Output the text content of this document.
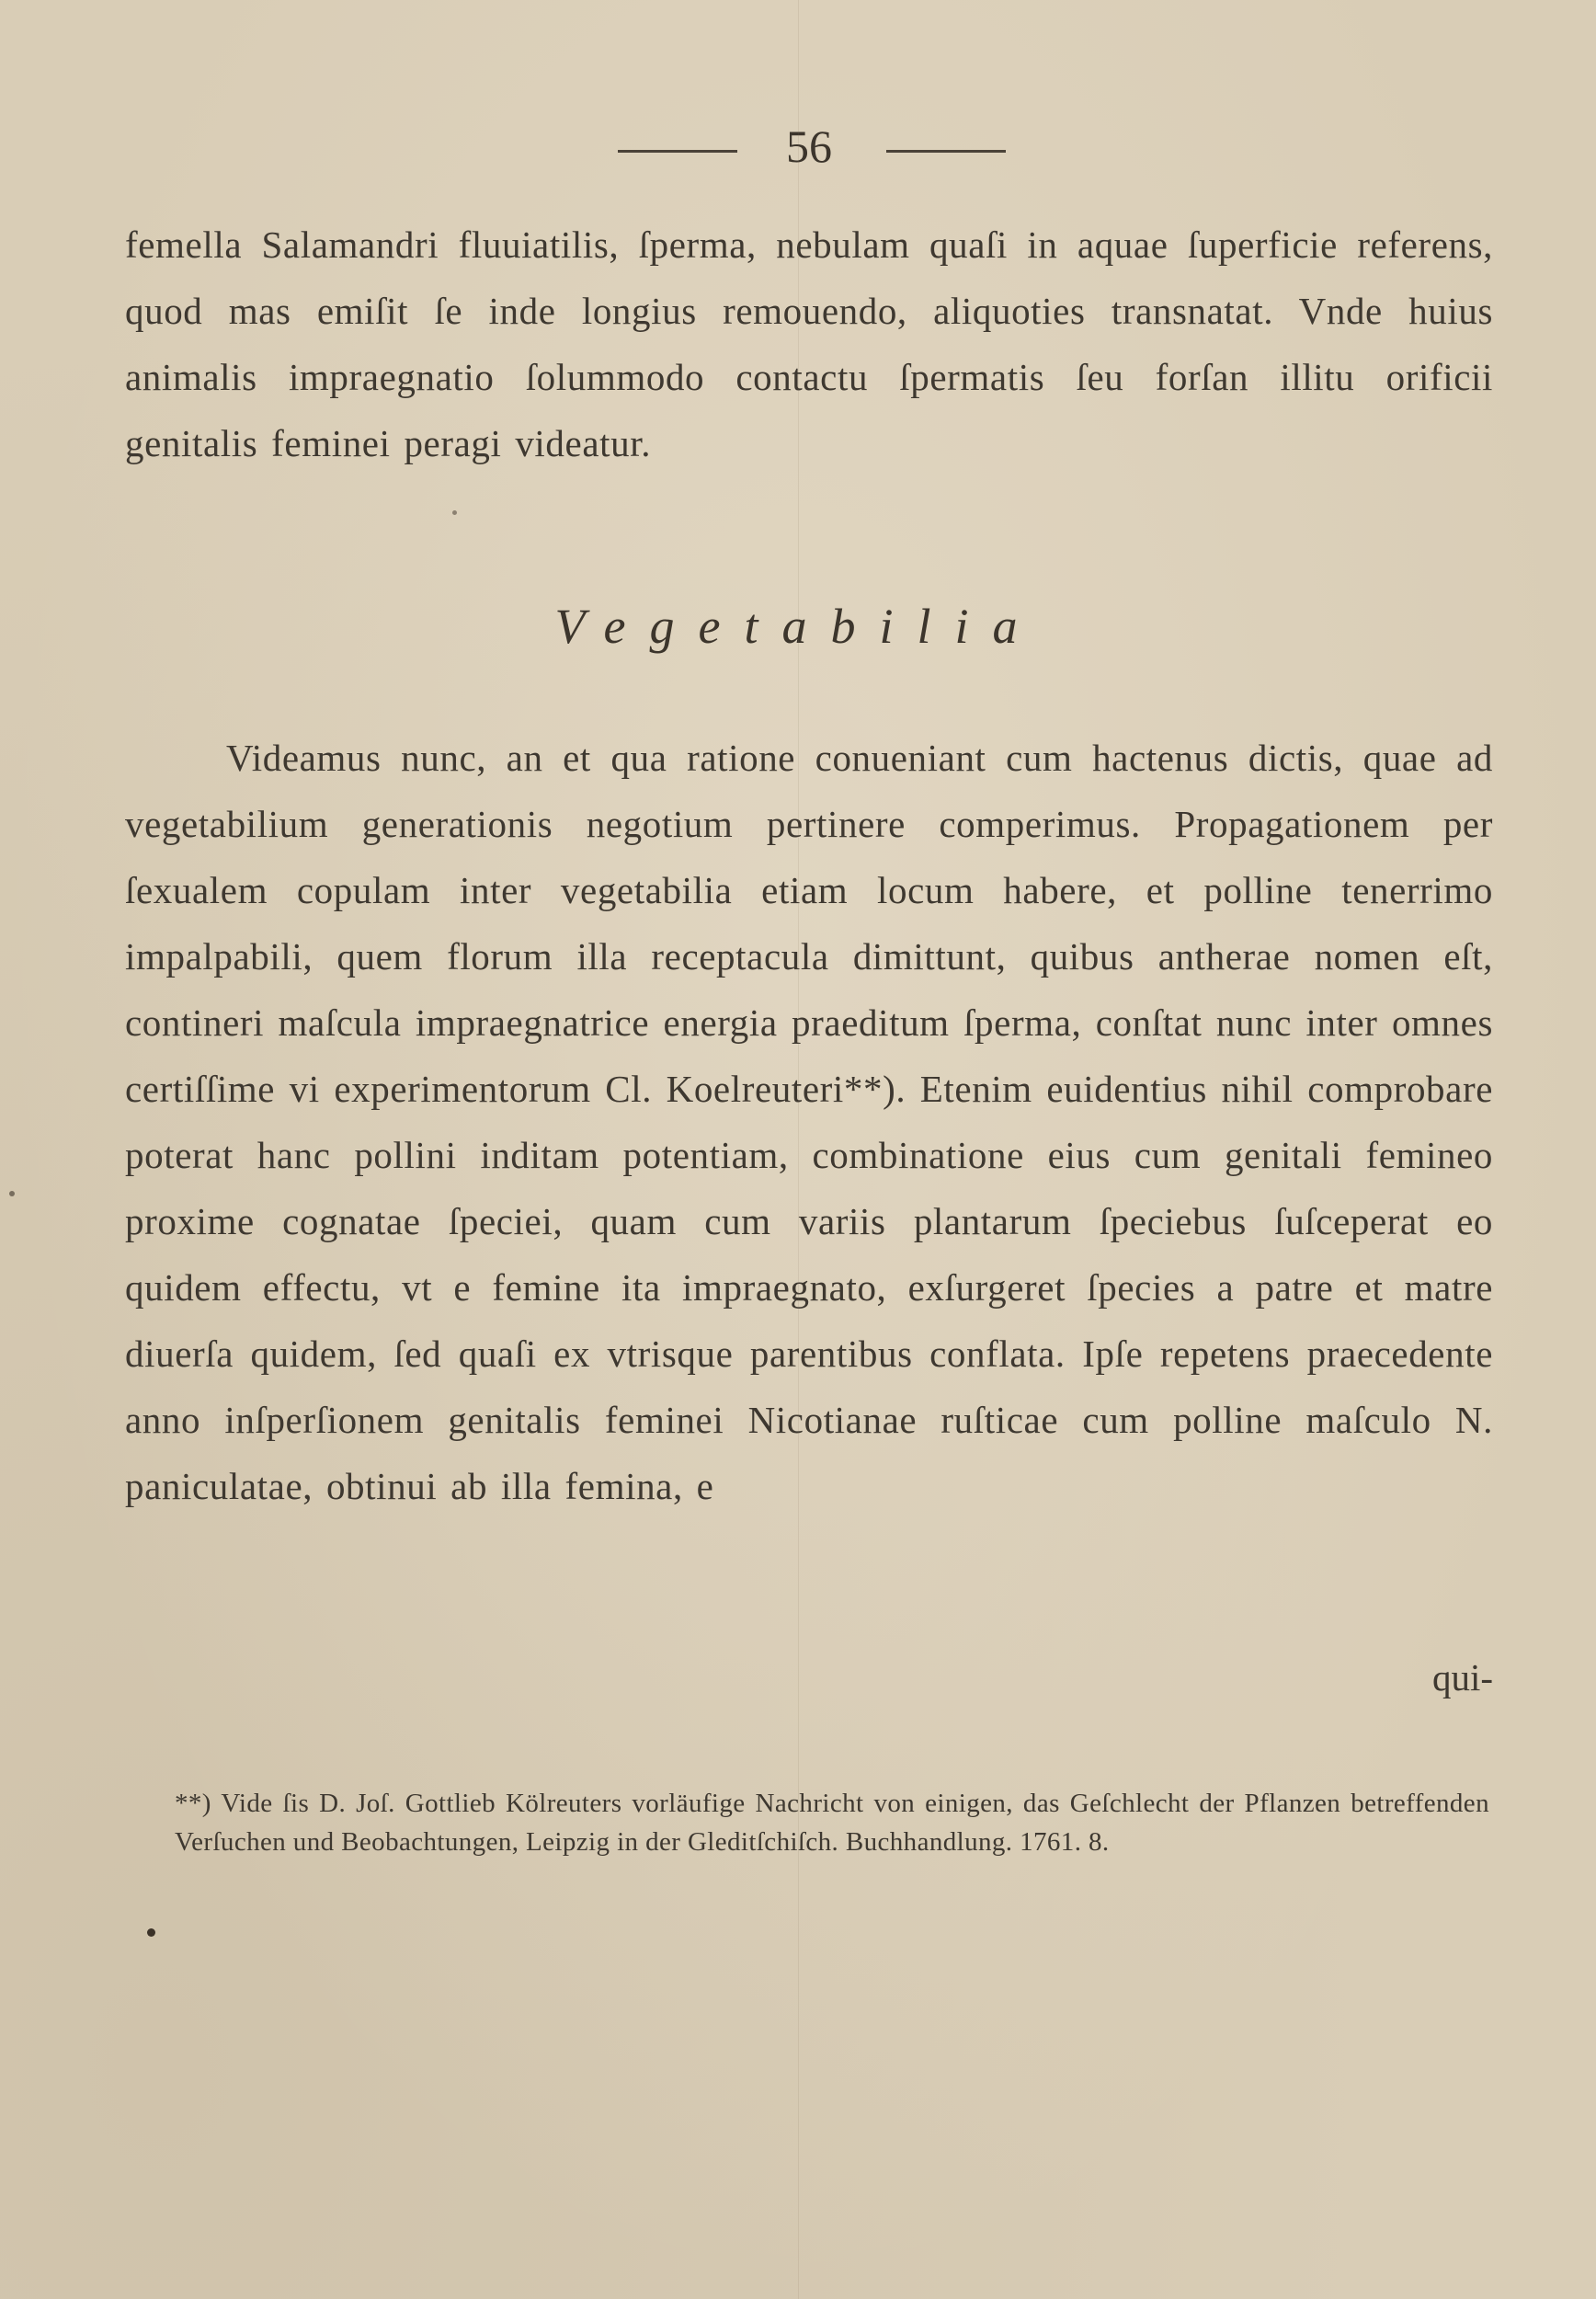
56
femella Salamandri fluuiatilis, ſperma, nebulam quaſi in aquae ſuperficie referens, quod mas emiſit ſe inde longius remouendo, aliquoties transnatat. Vnde huius animalis impraegnatio ſolummodo contactu ſpermatis ſeu forſan illitu orificii genitalis feminei peragi videatur.
Vegetabilia
Videamus nunc, an et qua ratione conueniant cum hactenus dictis, quae ad vegetabilium generationis negotium pertinere comperimus. Propagationem per ſexualem copulam inter vegetabilia etiam locum habere, et polline tenerrimo impalpabili, quem florum illa receptacula dimittunt, quibus antherae nomen eſt, contineri maſcula impraegnatrice energia praeditum ſperma, conſtat nunc inter omnes certiſſime vi experimentorum Cl. Koelreuteri**). Etenim euidentius nihil comprobare poterat hanc pollini inditam potentiam, combinatione eius cum genitali femineo proxime cognatae ſpeciei, quam cum variis plantarum ſpeciebus ſuſceperat eo quidem effectu, vt e femine ita impraegnato, exſurgeret ſpecies a patre et matre diuerſa quidem, ſed quaſi ex vtrisque parentibus conflata. Ipſe repetens praecedente anno inſperſionem genitalis feminei Nicotianae ruſticae cum polline maſculo N. paniculatae, obtinui ab illa femina, e
qui-
**) Vide ſis D. Joſ. Gottlieb Kölreuters vorläufige Nachricht von einigen, das Geſchlecht der Pflanzen betreffenden Verſuchen und Beobachtungen, Leipzig in der Gleditſchiſch. Buchhandlung. 1761. 8.
